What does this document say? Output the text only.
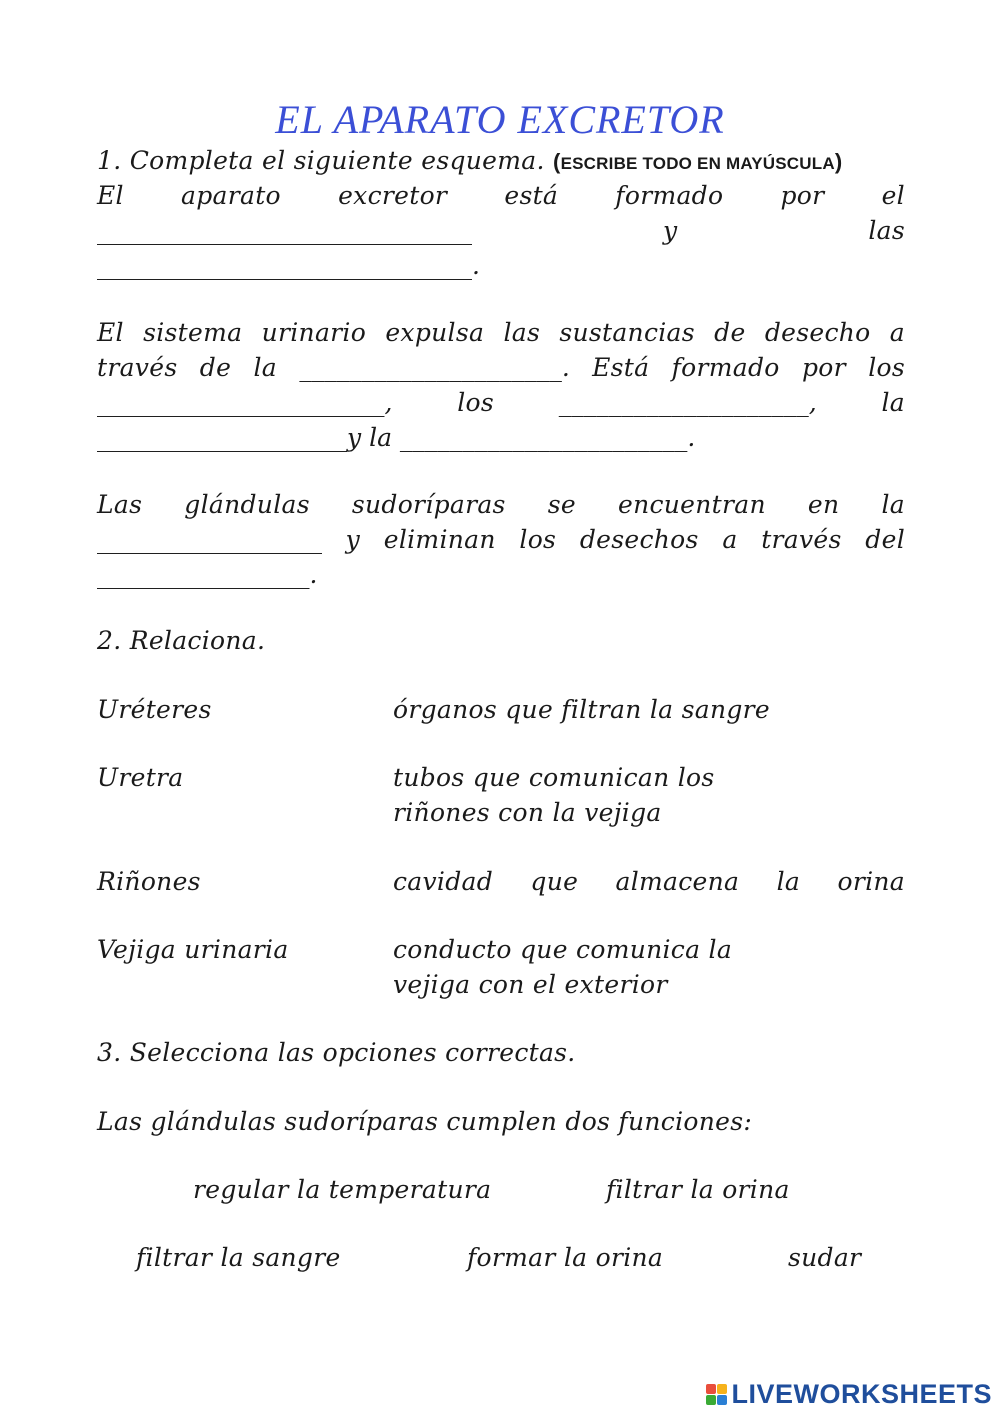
EL APARATO EXCRETOR
1. Completa el siguiente esquema. (ESCRIBE TODO EN MAYÚSCULA)
El aparato excretor está formado por el
______________________________	y	las
______________________________.
El sistema urinario expulsa las sustancias de desecho a
través de la _____________________. Está formado por los
_______________________,	los	____________________,	la
____________________y la _______________________.
Las glándulas sudoríparas se encuentran en la
__________________ y eliminan los desechos a través del
_________________.
2. Relaciona.
Uréteres	órganos que filtran la sangre
Uretra	tubos que comunican los
riñones con la vejiga
Riñones	cavidad que almacena la orina
Vejiga urinaria	conducto que comunica la
vejiga con el exterior
3. Selecciona las opciones correctas.
Las glándulas sudoríparas cumplen dos funciones:
regular la temperatura	filtrar la orina
filtrar la sangre	formar la orina	sudar
LIVEWORKSHEETS
